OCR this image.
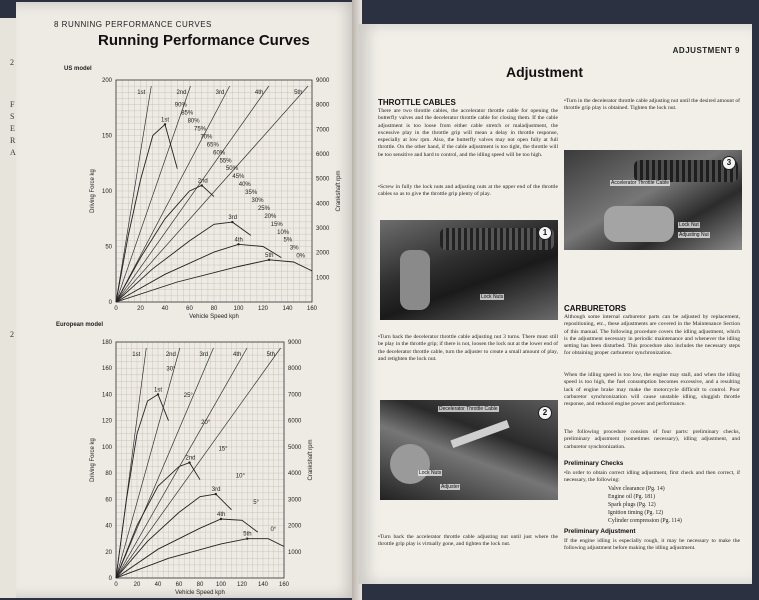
2
F
S
E
R
A
2
8 RUNNING PERFORMANCE CURVES
Running Performance Curves
US model
European model
0	20	40	60	80	100 120 140 160
0
50
100
150
200
1000
2000
3000
4000
5000
6000
7000
8000
9000
Vehicle Speed kph
Driving Force kg	Crankshaft rpm
1st	2nd	3rd	4th	5th
1st
2nd
3rd
4th
5th
90%
85%
80%
75%
70%
65%
60%
55%
50%
45%
40%
35%
30%
25%
20%
15%
10%
5%
3%
0%
0	20 40 60 80 100 120 140 160
0
20
40
60
80
100
120
140
160
180
1000
2000
3000
4000
5000
6000
7000
8000
9000
Vehicle Speed kph
Driving Force kg	Crankshaft rpm
1st	2nd	3rd	4th	5th
1st
2nd
3rd
4th
5th
30°
25°
20°
15°
10°
5°
0°
ADJUSTMENT 9
Adjustment
THROTTLE CABLES
There are two throttle cables, the accelerator throttle cable for opening the butterfly valves and the decelerator throttle cable for closing them. If the cable adjustment is too loose from either cable stretch or maladjustment, the excessive play in the throttle grip will mean a delay in throttle response, especially at low rpm. Also, the butterfly valves may not open fully at full throttle. On the other hand, if the cable adjustment is too tight, the throttle will be too sensitive and hard to control, and the idling speed will be too high.
•Screw in fully the lock nuts and adjusting nuts at the upper end of the throttle cables so as to give the throttle grip plenty of play.
1
Lock Nuts
•Turn back the decelerator throttle cable adjusting nut 3 turns. There must still be play in the throttle grip; if there is not, loosen the lock nut at the lower end of the decelerator throttle cable, turn the adjuster to create a small amount of play, and retighten the lock nut.
2
Decelerator Throttle Cable
Lock Nuts
Adjuster
•Turn back the accelerator throttle cable adjusting nut until just where the throttle grip play is virtually gone, and tighten the lock nut.
•Turn in the decelerator throttle cable adjusting nut until the desired amount of throttle grip play is obtained. Tighten the lock nut.
3
Accelerator Throttle Cable
Lock Nut
Adjusting Nut
CARBURETORS
Although some internal carburetor parts can be adjusted by replacement, repositioning, etc., these adjustments are covered in the Maintenance Section of this manual. The following procedure covers the idling adjustment, which is the adjustment necessary in periodic maintenance and whenever the idling setting has been disturbed. This procedure also includes the necessary steps for obtaining proper carburetor synchronization.
When the idling speed is too low, the engine may stall, and when the idling speed is too high, the fuel consumption becomes excessive, and a resulting lack of engine brake may make the motorcycle difficult to control. Poor carburetor synchronization will cause unstable idling, sluggish throttle response, and reduced engine power and performance.
The following procedure consists of four parts: preliminary checks, preliminary adjustment (sometimes necessary), idling adjustment, and carburetor synchronization.
Preliminary Checks
•In order to obtain correct idling adjustment, first check and then correct, if necessary, the following:
Valve clearance (Pg. 14)
Engine oil (Pg. 181)
Spark plugs (Pg. 12)
Ignition timing (Pg. 12)
Cylinder compression (Pg. 114)
Preliminary Adjustment
If the engine idling is especially rough, it may be necessary to make the following adjustment before making the idling adjustment.
